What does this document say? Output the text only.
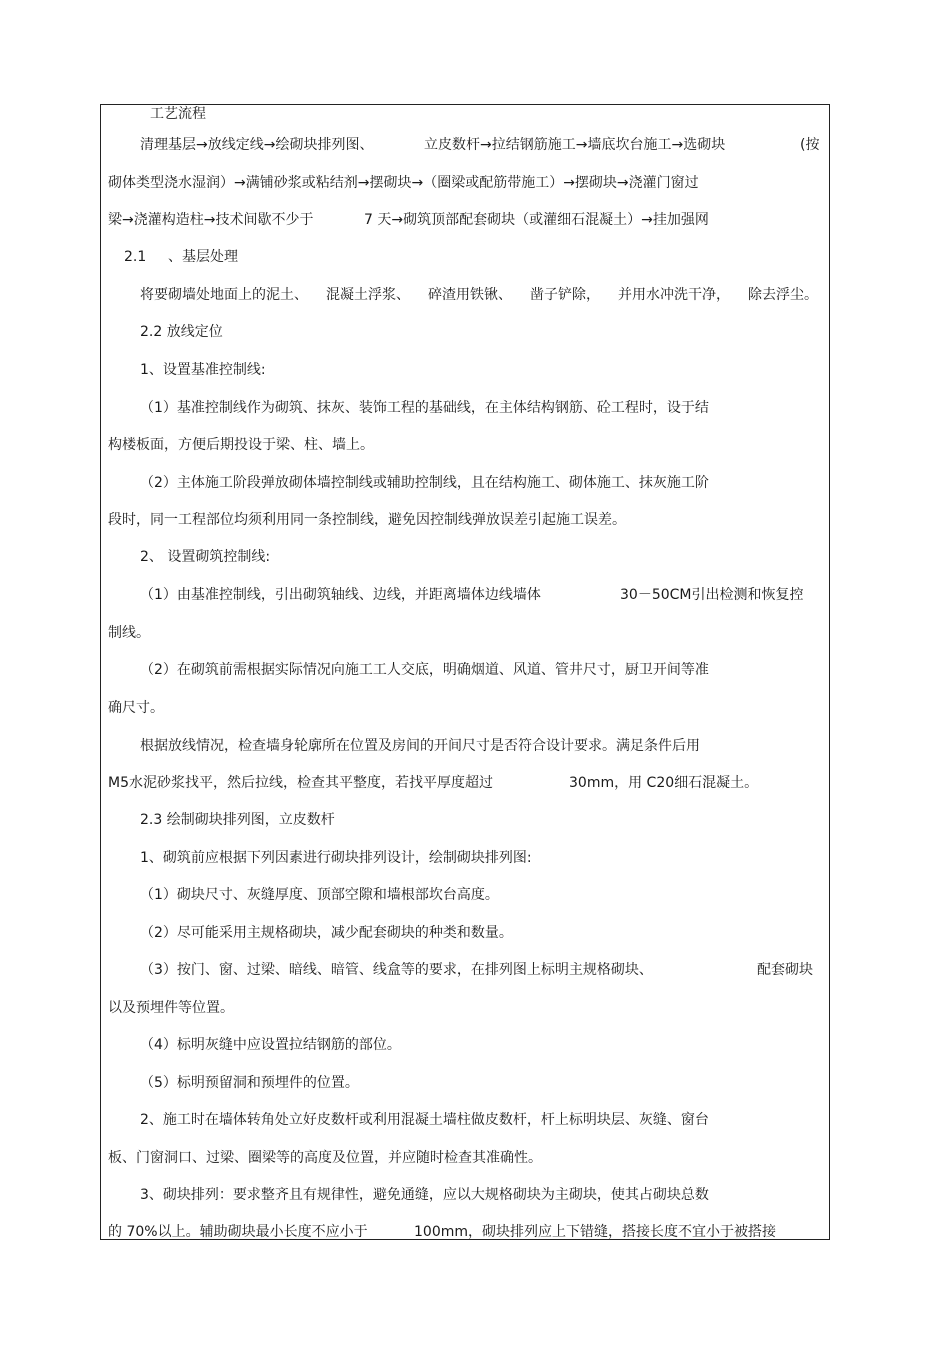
工艺流程

清理基层→放线定线→绘砌块排列图、	立皮数杆→拉结钢筋施工→墙底坎台施工→选砌块	(按

砌体类型浇水湿润）→满铺砂浆或粘结剂→摆砌块→（圈梁或配筋带施工）→摆砌块→浇灌门窗过

梁→浇灌构造柱→技术间歇不少于	7 天→砌筑顶部配套砌块（或灌细石混凝土）→挂加强网

2.1 、基层处理

将要砌墙处地面上的泥土、 混凝土浮浆、 碎渣用铁锹、 凿子铲除， 并用水冲洗干净， 除去浮尘。

2.2 放线定位

1、设置基准控制线:

（1）基准控制线作为砌筑、抹灰、装饰工程的基础线，在主体结构钢筋、砼工程时，设于结

构楼板面，方便后期投设于梁、柱、墙上。

（2）主体施工阶段弹放砌体墙控制线或辅助控制线，且在结构施工、砌体施工、抹灰施工阶

段时，同一工程部位均须利用同一条控制线，避免因控制线弹放误差引起施工误差。

2、 设置砌筑控制线:

（1）由基准控制线，引出砌筑轴线、边线，并距离墙体边线墙体	30－50CM引出检测和恢复控

制线。

（2）在砌筑前需根据实际情况向施工工人交底，明确烟道、风道、管井尺寸，厨卫开间等准

确尺寸。

根据放线情况，检查墙身轮廓所在位置及房间的开间尺寸是否符合设计要求。满足条件后用

M5水泥砂浆找平，然后拉线，检查其平整度，若找平厚度超过	30mm，用 C20细石混凝土。

2.3 绘制砌块排列图，立皮数杆

1、砌筑前应根据下列因素进行砌块排列设计，绘制砌块排列图:

（1）砌块尺寸、灰缝厚度、顶部空隙和墙根部坎台高度。

（2）尽可能采用主规格砌块，减少配套砌块的种类和数量。

（3）按门、窗、过梁、暗线、暗管、线盒等的要求，在排列图上标明主规格砌块、	配套砌块

以及预埋件等位置。

（4）标明灰缝中应设置拉结钢筋的部位。

（5）标明预留洞和预埋件的位置。

2、施工时在墙体转角处立好皮数杆或利用混凝土墙柱做皮数杆，杆上标明块层、灰缝、窗台

板、门窗洞口、过梁、圈梁等的高度及位置，并应随时检查其准确性。

3、砌块排列：要求整齐且有规律性，避免通缝，应以大规格砌块为主砌块，使其占砌块总数

的 70%以上。辅助砌块最小长度不应小于	100mm，砌块排列应上下错缝，搭接长度不宜小于被搭接
